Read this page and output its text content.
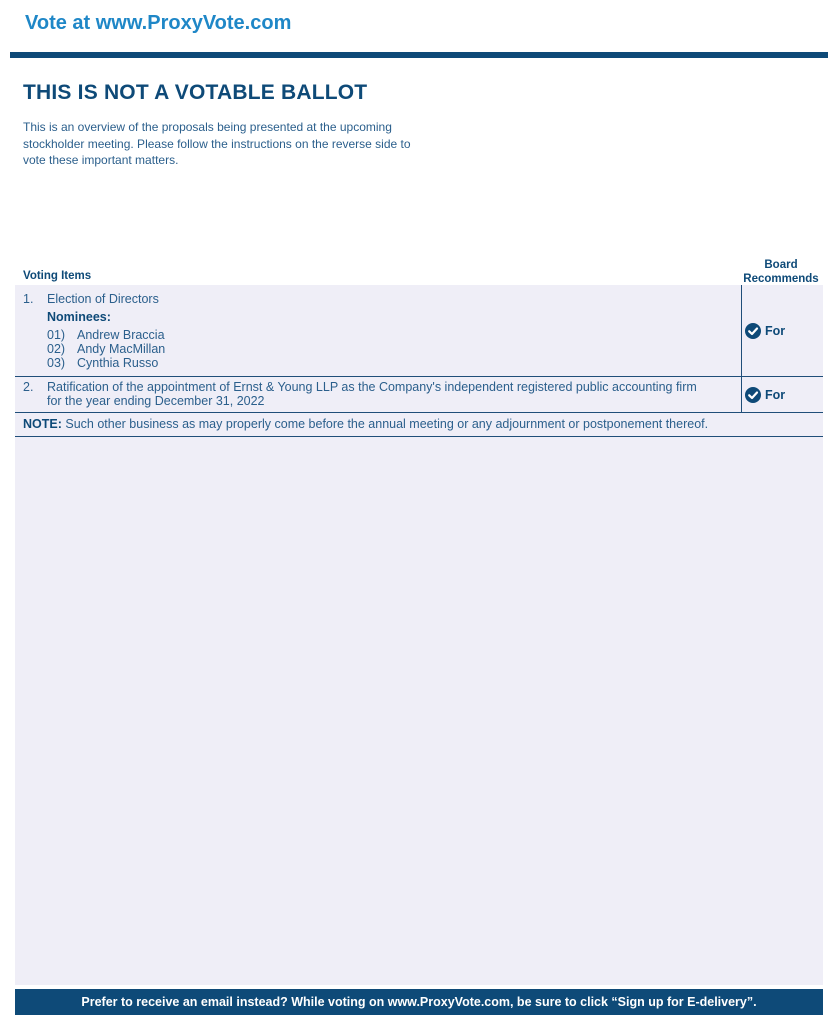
Vote at www.ProxyVote.com
THIS IS NOT A VOTABLE BALLOT
This is an overview of the proposals being presented at the upcoming stockholder meeting. Please follow the instructions on the reverse side to vote these important matters.
Voting Items
Board Recommends
1. Election of Directors
Nominees:
01) Andrew Braccia
02) Andy MacMillan
03) Cynthia Russo
For
2. Ratification of the appointment of Ernst & Young LLP as the Company's independent registered public accounting firm
for the year ending December 31, 2022	For
NOTE: Such other business as may properly come before the annual meeting or any adjournment or postponement thereof.
Prefer to receive an email instead? While voting on www.ProxyVote.com, be sure to click “Sign up for E-delivery”.
